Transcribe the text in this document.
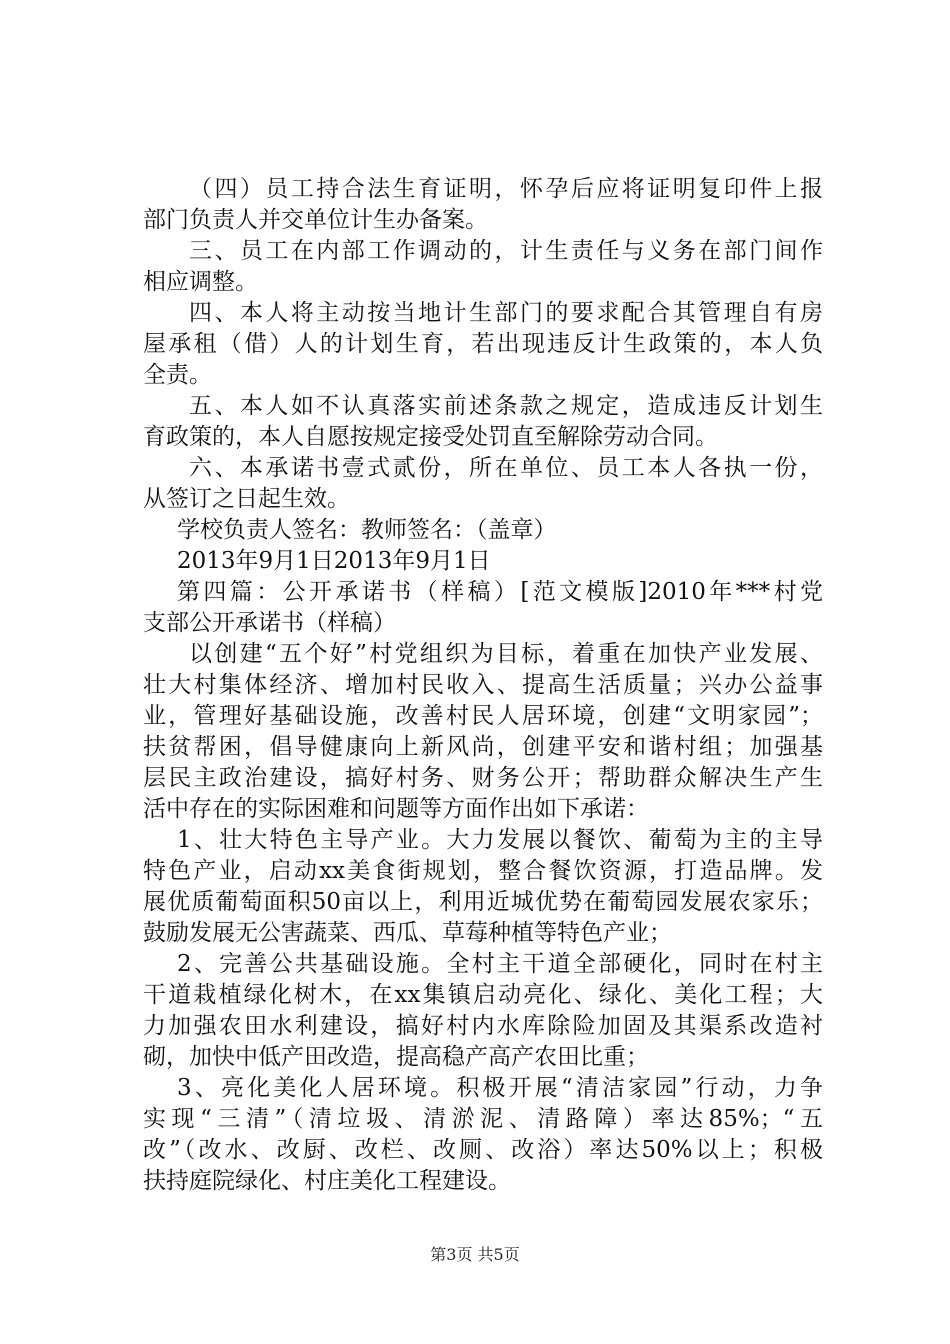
（四）员工持合法生育证明，怀孕后应将证明复印件上报
部门负责人并交单位计生办备案。
三、员工在内部工作调动的，计生责任与义务在部门间作
相应调整。
四、本人将主动按当地计生部门的要求配合其管理自有房
屋承租（借）人的计划生育，若出现违反计生政策的，本人负
全责。
五、本人如不认真落实前述条款之规定，造成违反计划生
育政策的，本人自愿按规定接受处罚直至解除劳动合同。
六、本承诺书壹式贰份，所在单位、员工本人各执一份，
从签订之日起生效。
学校负责人签名：教师签名：（盖章）
2013年9月1日2013年9月1日
第四篇：公开承诺书（样稿）[范文模版]2010年***村党
支部公开承诺书（样稿）
以创建“五个好”村党组织为目标，着重在加快产业发展、
壮大村集体经济、增加村民收入、提高生活质量；兴办公益事
业，管理好基础设施，改善村民人居环境，创建“文明家园”；
扶贫帮困，倡导健康向上新风尚，创建平安和谐村组；加强基
层民主政治建设，搞好村务、财务公开；帮助群众解决生产生
活中存在的实际困难和问题等方面作出如下承诺：
1、壮大特色主导产业。大力发展以餐饮、葡萄为主的主导
特色产业，启动xx美食街规划，整合餐饮资源，打造品牌。发
展优质葡萄面积50亩以上，利用近城优势在葡萄园发展农家乐；
鼓励发展无公害蔬菜、西瓜、草莓种植等特色产业；
2、完善公共基础设施。全村主干道全部硬化，同时在村主
干道栽植绿化树木，在xx集镇启动亮化、绿化、美化工程；大
力加强农田水利建设，搞好村内水库除险加固及其渠系改造衬
砌，加快中低产田改造，提高稳产高产农田比重；
3、亮化美化人居环境。积极开展“清洁家园”行动，力争
实现“三清”（清垃圾、清淤泥、清路障）率达85%；“五
改”（改水、改厨、改栏、改厕、改浴）率达50%以上；积极
扶持庭院绿化、村庄美化工程建设。
第3页 共5页
